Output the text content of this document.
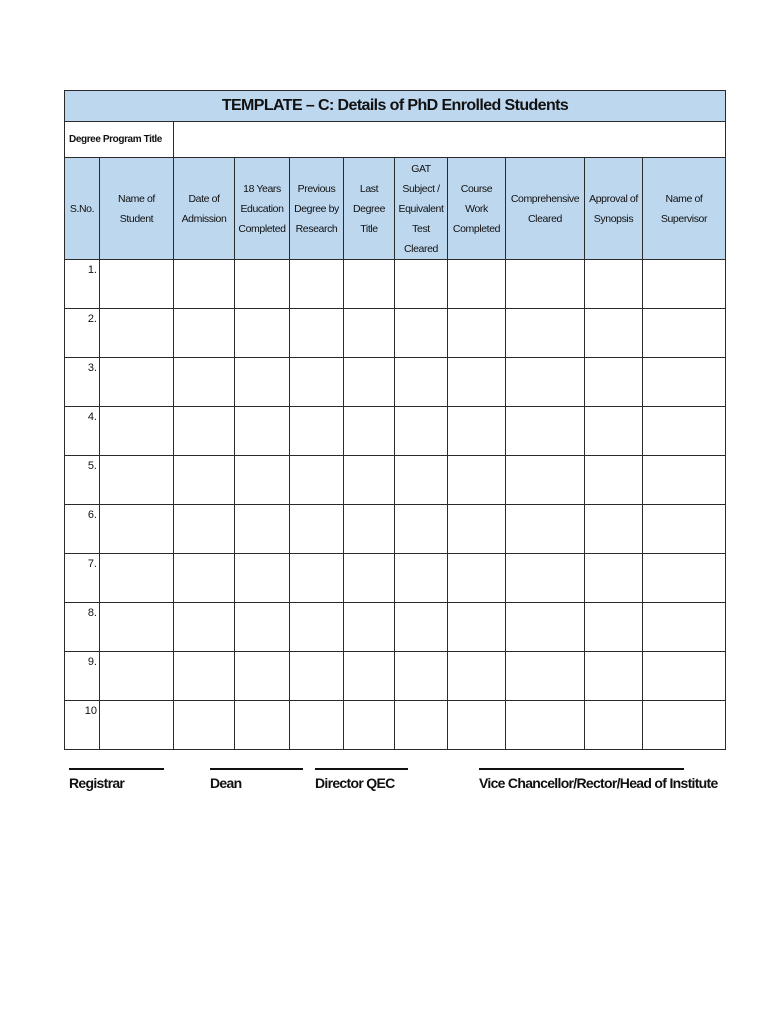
TEMPLATE – C: Details of PhD Enrolled Students										
Degree Program Title										
S.No.	Name of Student	Date of Admission	18 Years Education Completed	Previous Degree by Research	Last Degree Title	GAT Subject / Equivalent Test Cleared	Course Work Completed	Comprehensive Cleared	Approval of Synopsis	Name of Supervisor
1.										
2.										
3.										
4.										
5.										
6.										
7.										
8.										
9.										
10										
Registrar	Dean	Director QEC	Vice Chancellor/Rector/Head of Institute
